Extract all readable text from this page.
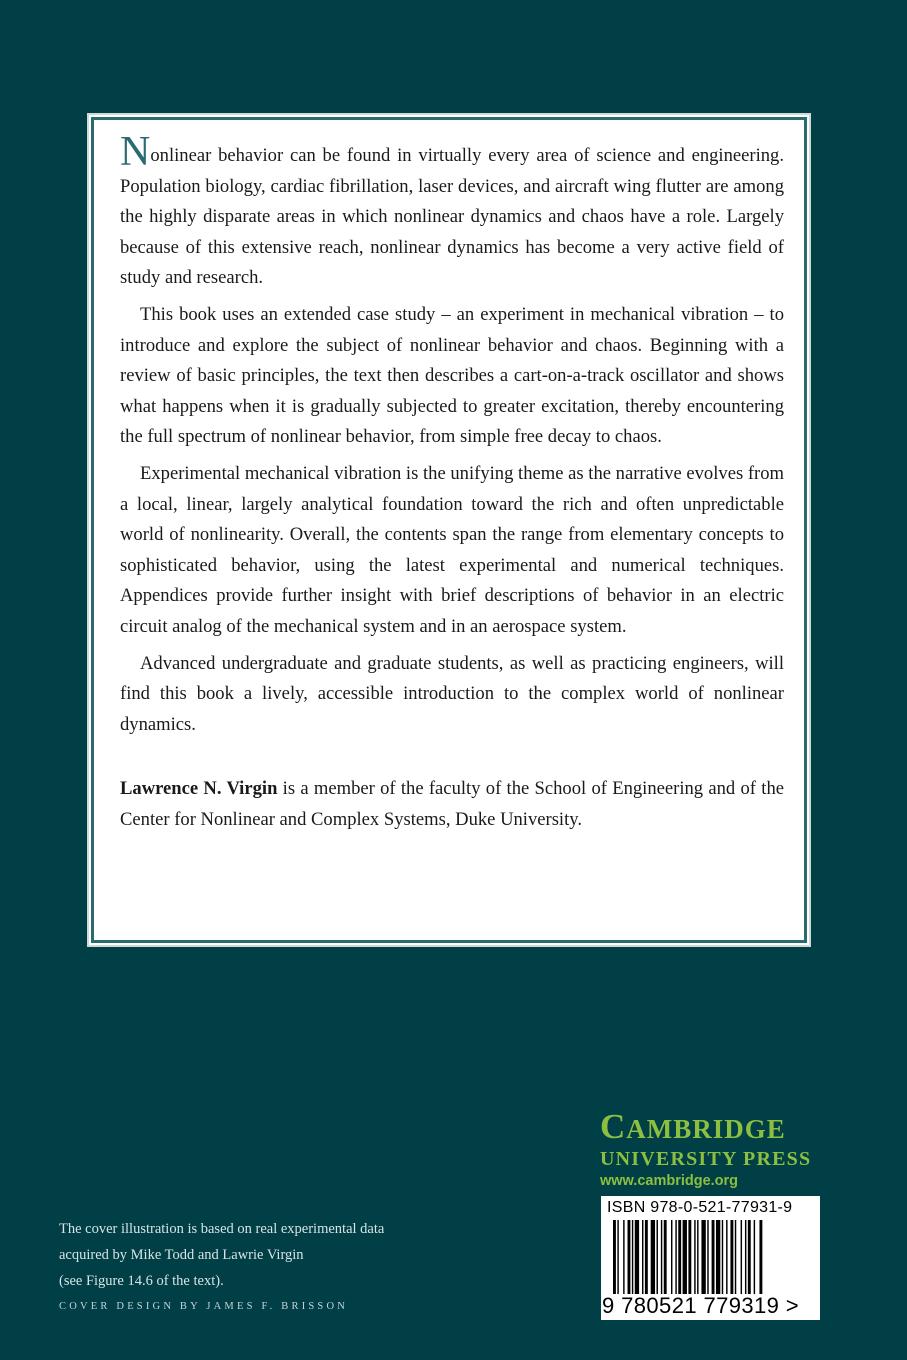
Nonlinear behavior can be found in virtually every area of science and engineering. Population biology, cardiac fibrillation, laser devices, and aircraft wing flutter are among the highly disparate areas in which nonlinear dynamics and chaos have a role. Largely because of this extensive reach, nonlinear dynamics has become a very active field of study and research.

This book uses an extended case study – an experiment in mechanical vibration – to introduce and explore the subject of nonlinear behavior and chaos. Beginning with a review of basic principles, the text then describes a cart-on-a-track oscillator and shows what happens when it is gradually subjected to greater excitation, thereby encountering the full spectrum of nonlinear behavior, from simple free decay to chaos.

Experimental mechanical vibration is the unifying theme as the narrative evolves from a local, linear, largely analytical foundation toward the rich and often unpredictable world of nonlinearity. Overall, the contents span the range from elementary concepts to sophisticated behavior, using the latest experimental and numerical techniques. Appendices provide further insight with brief descriptions of behavior in an electric circuit analog of the mechanical system and in an aerospace system.

Advanced undergraduate and graduate students, as well as practicing engineers, will find this book a lively, accessible introduction to the complex world of nonlinear dynamics.

Lawrence N. Virgin is a member of the faculty of the School of Engineering and of the Center for Nonlinear and Complex Systems, Duke University.

CAMBRIDGE
UNIVERSITY PRESS
www.cambridge.org
ISBN 978-0-521-77931-9
9 780521 779319 >
The cover illustration is based on real experimental data
acquired by Mike Todd and Lawrie Virgin
(see Figure 14.6 of the text).
COVER DESIGN BY JAMES F. BRISSON
